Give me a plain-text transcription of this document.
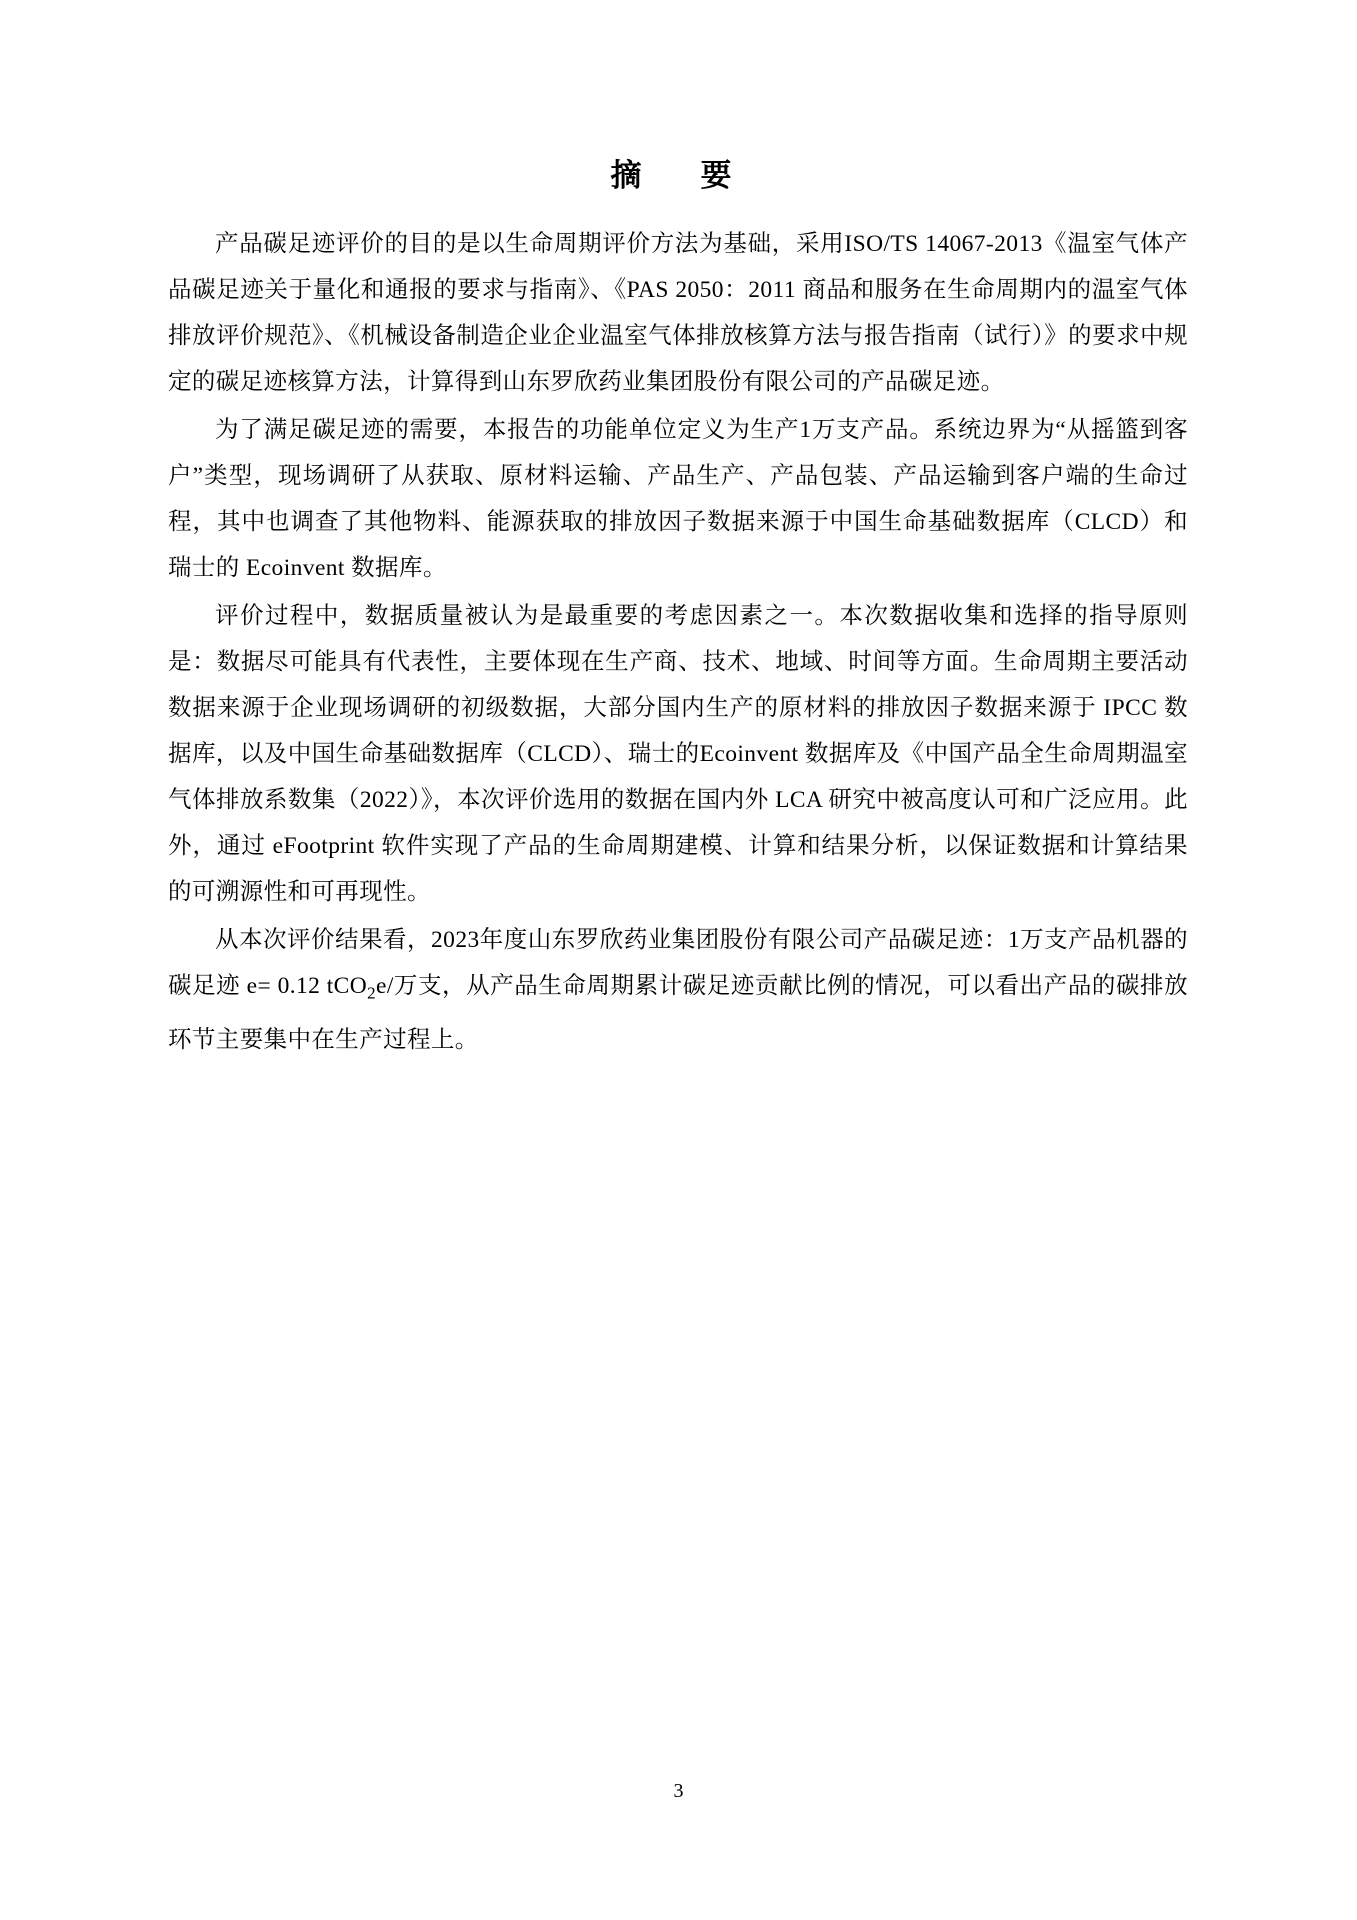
摘　要

产品碳足迹评价的目的是以生命周期评价方法为基础，采用ISO/TS 14067-2013《温室气体产品碳足迹关于量化和通报的要求与指南》、《PAS 2050：2011 商品和服务在生命周期内的温室气体排放评价规范》、《机械设备制造企业企业温室气体排放核算方法与报告指南（试行）》的要求中规定的碳足迹核算方法，计算得到山东罗欣药业集团股份有限公司的产品碳足迹。

为了满足碳足迹的需要，本报告的功能单位定义为生产1万支产品。系统边界为“从摇篮到客户”类型，现场调研了从获取、原材料运输、产品生产、产品包装、产品运输到客户端的生命过程，其中也调查了其他物料、能源获取的排放因子数据来源于中国生命基础数据库（CLCD）和瑞士的 Ecoinvent 数据库。

评价过程中，数据质量被认为是最重要的考虑因素之一。本次数据收集和选择的指导原则是：数据尽可能具有代表性，主要体现在生产商、技术、地域、时间等方面。生命周期主要活动数据来源于企业现场调研的初级数据，大部分国内生产的原材料的排放因子数据来源于 IPCC 数据库，以及中国生命基础数据库（CLCD）、瑞士的Ecoinvent 数据库及《中国产品全生命周期温室气体排放系数集（2022）》，本次评价选用的数据在国内外 LCA 研究中被高度认可和广泛应用。此外，通过 eFootprint 软件实现了产品的生命周期建模、计算和结果分析，以保证数据和计算结果的可溯源性和可再现性。

从本次评价结果看，2023年度山东罗欣药业集团股份有限公司产品碳足迹：1万支产品机器的碳足迹 e= 0.12 tCO$_2$e/万支，从产品生命周期累计碳足迹贡献比例的情况，可以看出产品的碳排放环节主要集中在生产过程上。

3
